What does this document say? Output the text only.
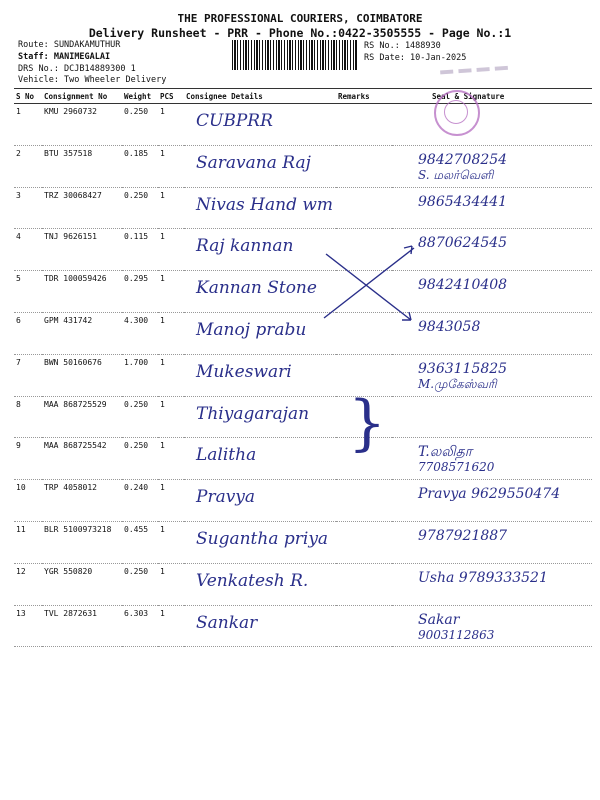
THE PROFESSIONAL COURIERS, COIMBATORE
Delivery Runsheet - PRR - Phone No.:0422-3505555 - Page No.:1
Route: SUNDAKAMUTHUR
Staff: MANIMEGALAI
DRS No.: DCJB14889300 1
Vehicle: Two Wheeler Delivery
RS No.: 1488930
RS Date: 10-Jan-2025
▬ ▬ ▬ ▬
S No	Consignment No	Weight	PCS	Consignee Details	Remarks	Seal & Signature
1	KMU 2960732	0.250	1	CUBPRR		

2	BTU 357518	0.185	1	Saravana Raj		9842708254
S. மலர்வெளி

3	TRZ 30068427	0.250	1	Nivas Hand wm		9865434441

4	TNJ 9626151	0.115	1	Raj kannan		8870624545

5	TDR 100059426	0.295	1	Kannan Stone		9842410408

6	GPM 431742	4.300	1	Manoj prabu		9843058

7	BWN 50160676	1.700	1	Mukeswari		9363115825
M.முகேஸ்வரி

8	MAA 868725529	0.250	1	Thiyagarajan		

9	MAA 868725542	0.250	1	Lalitha		T.லலிதா
7708571620

10	TRP 4058012	0.240	1	Pravya		Pravya 9629550474

11	BLR 5100973218	0.455	1	Sugantha priya		9787921887

12	YGR 550820	0.250	1	Venkatesh R.		Usha 9789333521

13	TVL 2872631	6.303	1	Sankar		Sakar
9003112863
}
